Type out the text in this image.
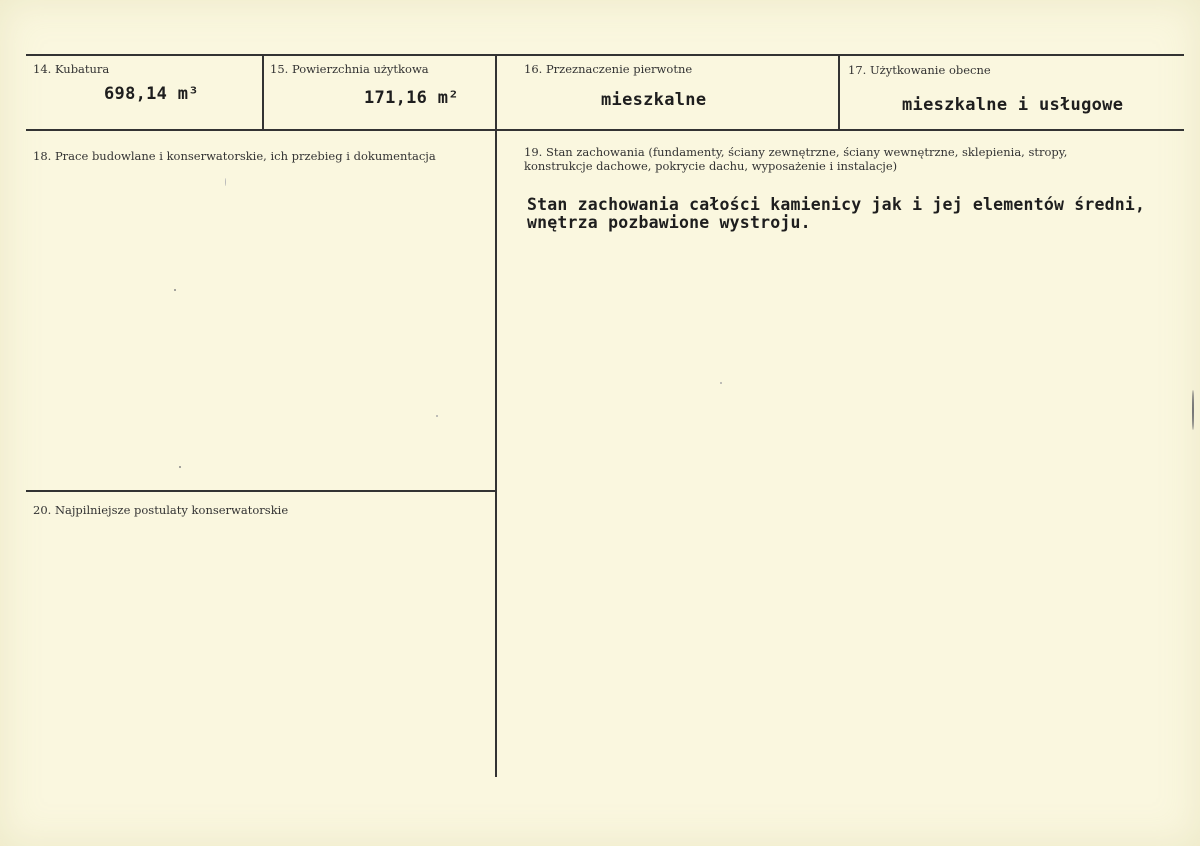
14. Kubatura
698,14 m³
15. Powierzchnia użytkowa
171,16 m²
16. Przeznaczenie pierwotne
mieszkalne
17. Użytkowanie obecne
mieszkalne i usługowe
18. Prace budowlane i konserwatorskie, ich przebieg i dokumentacja	19. Stan zachowania (fundamenty, ściany zewnętrzne, ściany wewnętrzne, sklepienia, stropy,
konstrukcje dachowe, pokrycie dachu, wyposażenie i instalacje)
Stan zachowania całości kamienicy jak i jej elementów średni,
wnętrza pozbawione wystroju.
20. Najpilniejsze postulaty konserwatorskie
